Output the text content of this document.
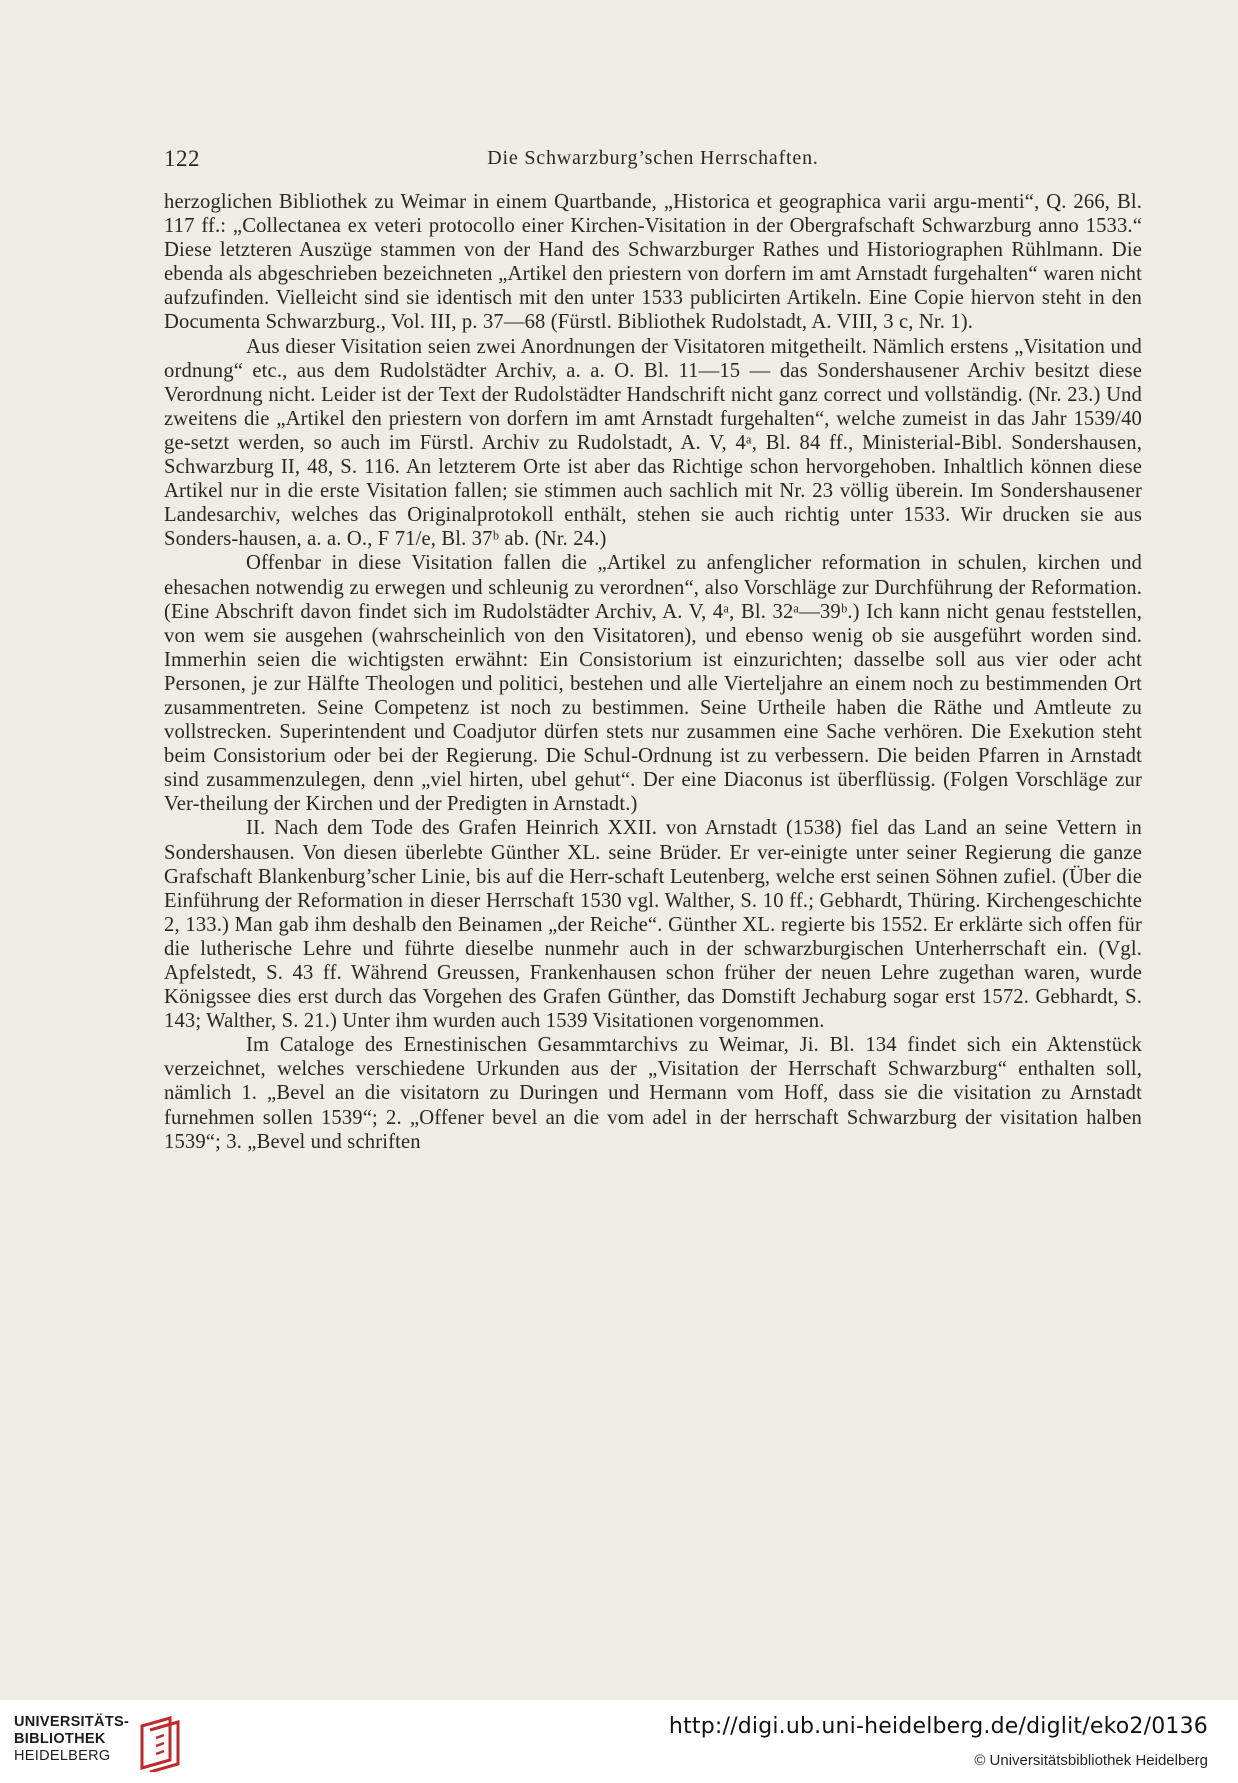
122	Die Schwarzburg’schen Herrschaften.

herzoglichen Bibliothek zu Weimar in einem Quartbande, „Historica et geographica varii argu-menti“, Q. 266, Bl. 117 ff.: „Collectanea ex veteri protocollo einer Kirchen-Visitation in der Obergrafschaft Schwarzburg anno 1533.“ Diese letzteren Auszüge stammen von der Hand des Schwarzburger Rathes und Historiographen Rühlmann. Die ebenda als abgeschrieben bezeichneten „Artikel den priestern von dorfern im amt Arnstadt furgehalten“ waren nicht aufzufinden. Vielleicht sind sie identisch mit den unter 1533 publicirten Artikeln. Eine Copie hiervon steht in den Documenta Schwarzburg., Vol. III, p. 37—68 (Fürstl. Bibliothek Rudolstadt, A. VIII, 3 c, Nr. 1).

Aus dieser Visitation seien zwei Anordnungen der Visitatoren mitgetheilt. Nämlich erstens „Visitation und ordnung“ etc., aus dem Rudolstädter Archiv, a. a. O. Bl. 11—15 — das Sondershausener Archiv besitzt diese Verordnung nicht. Leider ist der Text der Rudolstädter Handschrift nicht ganz correct und vollständig. (Nr. 23.) Und zweitens die „Artikel den priestern von dorfern im amt Arnstadt furgehalten“, welche zumeist in das Jahr 1539/40 ge-setzt werden, so auch im Fürstl. Archiv zu Rudolstadt, A. V, 4ᵃ, Bl. 84 ff., Ministerial-Bibl. Sondershausen, Schwarzburg II, 48, S. 116. An letzterem Orte ist aber das Richtige schon hervorgehoben. Inhaltlich können diese Artikel nur in die erste Visitation fallen; sie stimmen auch sachlich mit Nr. 23 völlig überein. Im Sondershausener Landesarchiv, welches das Originalprotokoll enthält, stehen sie auch richtig unter 1533. Wir drucken sie aus Sonders-hausen, a. a. O., F 71/e, Bl. 37ᵇ ab. (Nr. 24.)

Offenbar in diese Visitation fallen die „Artikel zu anfenglicher reformation in schulen, kirchen und ehesachen notwendig zu erwegen und schleunig zu verordnen“, also Vorschläge zur Durchführung der Reformation. (Eine Abschrift davon findet sich im Rudolstädter Archiv, A. V, 4ᵃ, Bl. 32ᵃ—39ᵇ.) Ich kann nicht genau feststellen, von wem sie ausgehen (wahrscheinlich von den Visitatoren), und ebenso wenig ob sie ausgeführt worden sind. Immerhin seien die wichtigsten erwähnt: Ein Consistorium ist einzurichten; dasselbe soll aus vier oder acht Personen, je zur Hälfte Theologen und politici, bestehen und alle Vierteljahre an einem noch zu bestimmenden Ort zusammentreten. Seine Competenz ist noch zu bestimmen. Seine Urtheile haben die Räthe und Amtleute zu vollstrecken. Superintendent und Coadjutor dürfen stets nur zusammen eine Sache verhören. Die Exekution steht beim Consistorium oder bei der Regierung. Die Schul-Ordnung ist zu verbessern. Die beiden Pfarren in Arnstadt sind zusammenzulegen, denn „viel hirten, ubel gehut“. Der eine Diaconus ist überflüssig. (Folgen Vorschläge zur Ver-theilung der Kirchen und der Predigten in Arnstadt.)

II. Nach dem Tode des Grafen Heinrich XXII. von Arnstadt (1538) fiel das Land an seine Vettern in Sondershausen. Von diesen überlebte Günther XL. seine Brüder. Er ver-einigte unter seiner Regierung die ganze Grafschaft Blankenburg’scher Linie, bis auf die Herr-schaft Leutenberg, welche erst seinen Söhnen zufiel. (Über die Einführung der Reformation in dieser Herrschaft 1530 vgl. Walther, S. 10 ff.; Gebhardt, Thüring. Kirchengeschichte 2, 133.) Man gab ihm deshalb den Beinamen „der Reiche“. Günther XL. regierte bis 1552. Er erklärte sich offen für die lutherische Lehre und führte dieselbe nunmehr auch in der schwarzburgischen Unterherrschaft ein. (Vgl. Apfelstedt, S. 43 ff. Während Greussen, Frankenhausen schon früher der neuen Lehre zugethan waren, wurde Königssee dies erst durch das Vorgehen des Grafen Günther, das Domstift Jechaburg sogar erst 1572. Gebhardt, S. 143; Walther, S. 21.) Unter ihm wurden auch 1539 Visitationen vorgenommen.

Im Cataloge des Ernestinischen Gesammtarchivs zu Weimar, Ji. Bl. 134 findet sich ein Aktenstück verzeichnet, welches verschiedene Urkunden aus der „Visitation der Herrschaft Schwarzburg“ enthalten soll, nämlich 1. „Bevel an die visitatorn zu Duringen und Hermann vom Hoff, dass sie die visitation zu Arnstadt furnehmen sollen 1539“; 2. „Offener bevel an die vom adel in der herrschaft Schwarzburg der visitation halben 1539“; 3. „Bevel und schriften

UNIVERSITÄTS-
BIBLIOTHEK
HEIDELBERG
http://digi.ub.uni-heidelberg.de/diglit/eko2/0136
© Universitätsbibliothek Heidelberg
